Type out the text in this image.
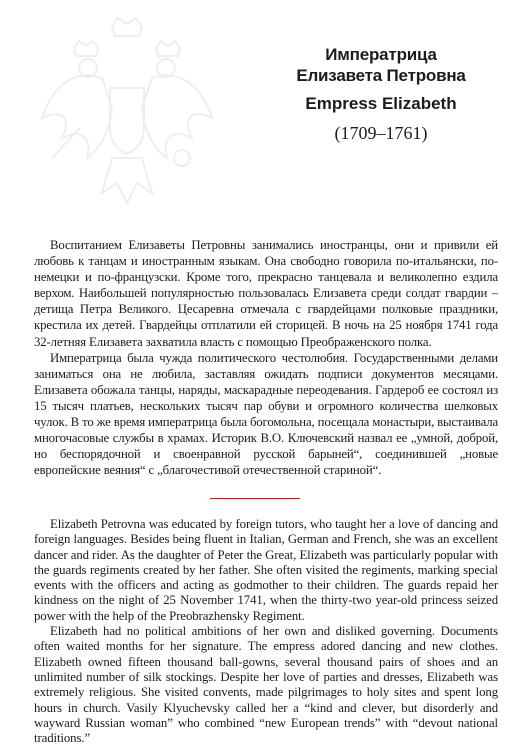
Императрица
Елизавета Петровна
Empress Elizabeth
(1709–1761)

Воспитанием Елизаветы Петровны занимались иностранцы, они и привили ей любовь к танцам и иностранным языкам. Она свободно говорила по-итальянски, по-немецки и по-французски. Кроме того, прекрасно танцевала и великолепно ездила верхом. Наибольшей популярностью пользовалась Елизавета среди солдат гвардии – детища Петра Великого. Цесаревна отмечала с гвардейцами полковые праздники, крестила их детей. Гвардейцы отплатили ей сторицей. В ночь на 25 ноября 1741 года 32-летняя Елизавета захватила власть с помощью Преображенского полка.

Императрица была чужда политического честолюбия. Государственными делами заниматься она не любила, заставляя ожидать подписи документов месяцами. Елизавета обожала танцы, наряды, маскарадные переодевания. Гардероб ее состоял из 15 тысяч платьев, нескольких тысяч пар обуви и огромного количества шелковых чулок. В то же время императрица была богомольна, посещала монастыри, выстаивала многочасовые службы в храмах. Историк В.О. Ключевский назвал ее „умной, доброй, но беспорядочной и своенравной русской барыней“, соединившей „новые европейские веяния“ с „благочестивой отечественной стариной“.

Elizabeth Petrovna was educated by foreign tutors, who taught her a love of dancing and foreign languages. Besides being fluent in Italian, German and French, she was an excellent dancer and rider. As the daughter of Peter the Great, Elizabeth was particularly popular with the guards regiments created by her father. She often visited the regiments, marking special events with the officers and acting as godmother to their children. The guards repaid her kindness on the night of 25 November 1741, when the thirty-two year-old princess seized power with the help of the Preobrazhensky Regiment.

Elizabeth had no political ambitions of her own and disliked governing. Documents often waited months for her signature. The empress adored dancing and new clothes. Elizabeth owned fifteen thousand ball-gowns, several thousand pairs of shoes and an unlimited number of silk stockings. Despite her love of parties and dresses, Elizabeth was extremely religious. She visited convents, made pilgrimages to holy sites and spent long hours in church. Vasily Klyuchevsky called her a “kind and clever, but disorderly and wayward Russian woman” who combined “new European trends” with “devout national traditions.”
